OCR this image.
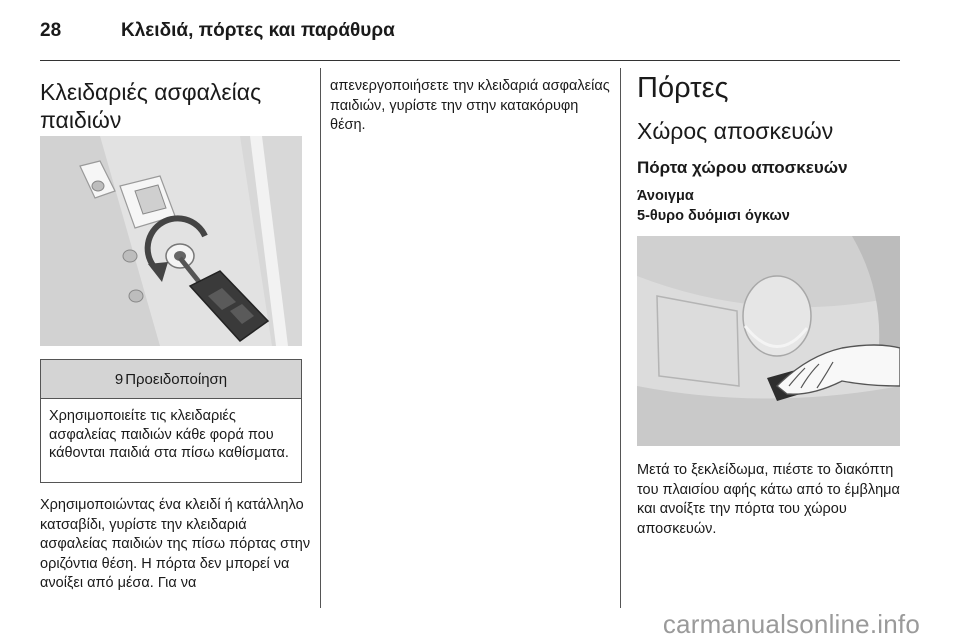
28	Κλειδιά, πόρτες και παράθυρα
Κλειδαριές ασφαλείας παιδιών
9 Προειδοποίηση
Χρησιμοποιείτε τις κλειδαριές ασφαλείας παιδιών κάθε φορά που κάθονται παιδιά στα πίσω καθίσματα.

Χρησιμοποιώντας ένα κλειδί ή κατάλληλο κατσαβίδι, γυρίστε την κλειδαριά ασφαλείας παιδιών της πίσω πόρτας στην οριζόντια θέση. Η πόρτα δεν μπορεί να ανοίξει από μέσα. Για να

απενεργοποιήσετε την κλειδαριά ασφαλείας παιδιών, γυρίστε την στην κατακόρυφη θέση.

Πόρτες
Χώρος αποσκευών
Πόρτα χώρου αποσκευών
Άνοιγμα
5-θυρο δυόμισι όγκων

Μετά το ξεκλείδωμα, πιέστε το διακόπτη του πλαισίου αφής κάτω από το έμβλημα και ανοίξτε την πόρτα του χώρου αποσκευών.

carmanualsonline.info
